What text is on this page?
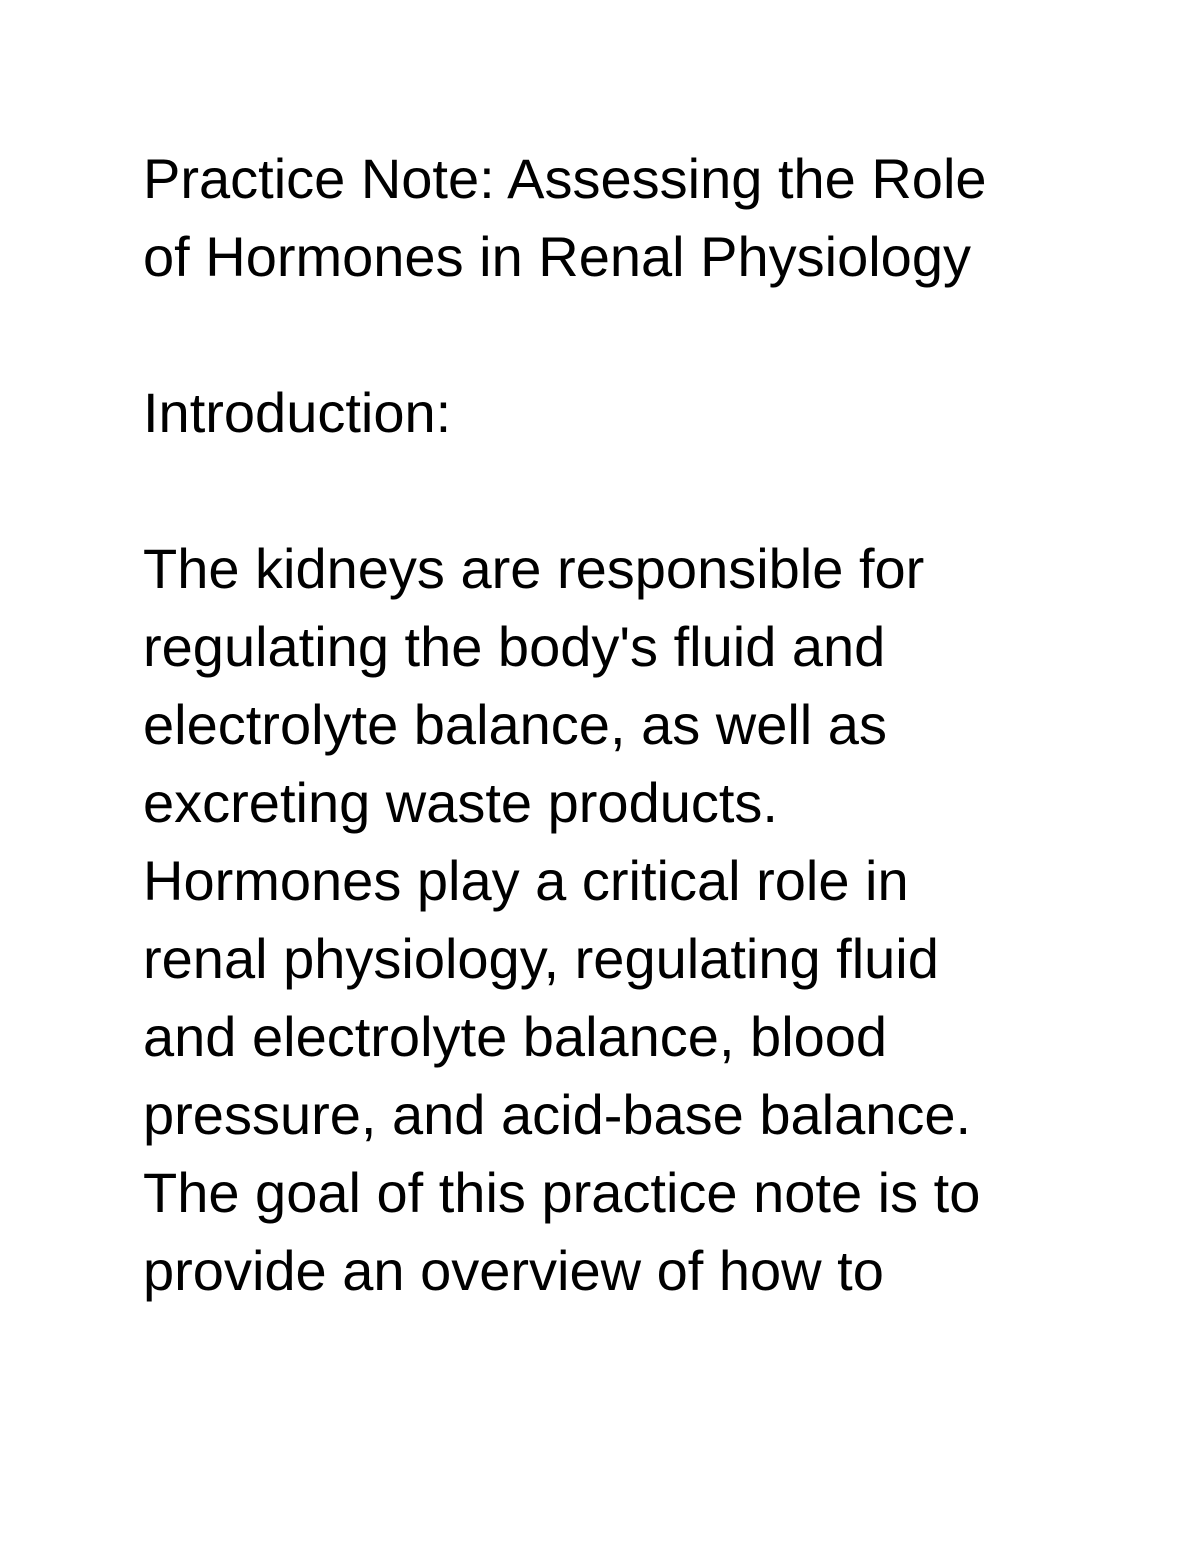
Practice Note: Assessing the Role

of Hormones in Renal Physiology

Introduction:

The kidneys are responsible for

regulating the body's fluid and

electrolyte balance, as well as

excreting waste products.

Hormones play a critical role in

renal physiology, regulating fluid

and electrolyte balance, blood

pressure, and acid-base balance.

The goal of this practice note is to

provide an overview of how to
